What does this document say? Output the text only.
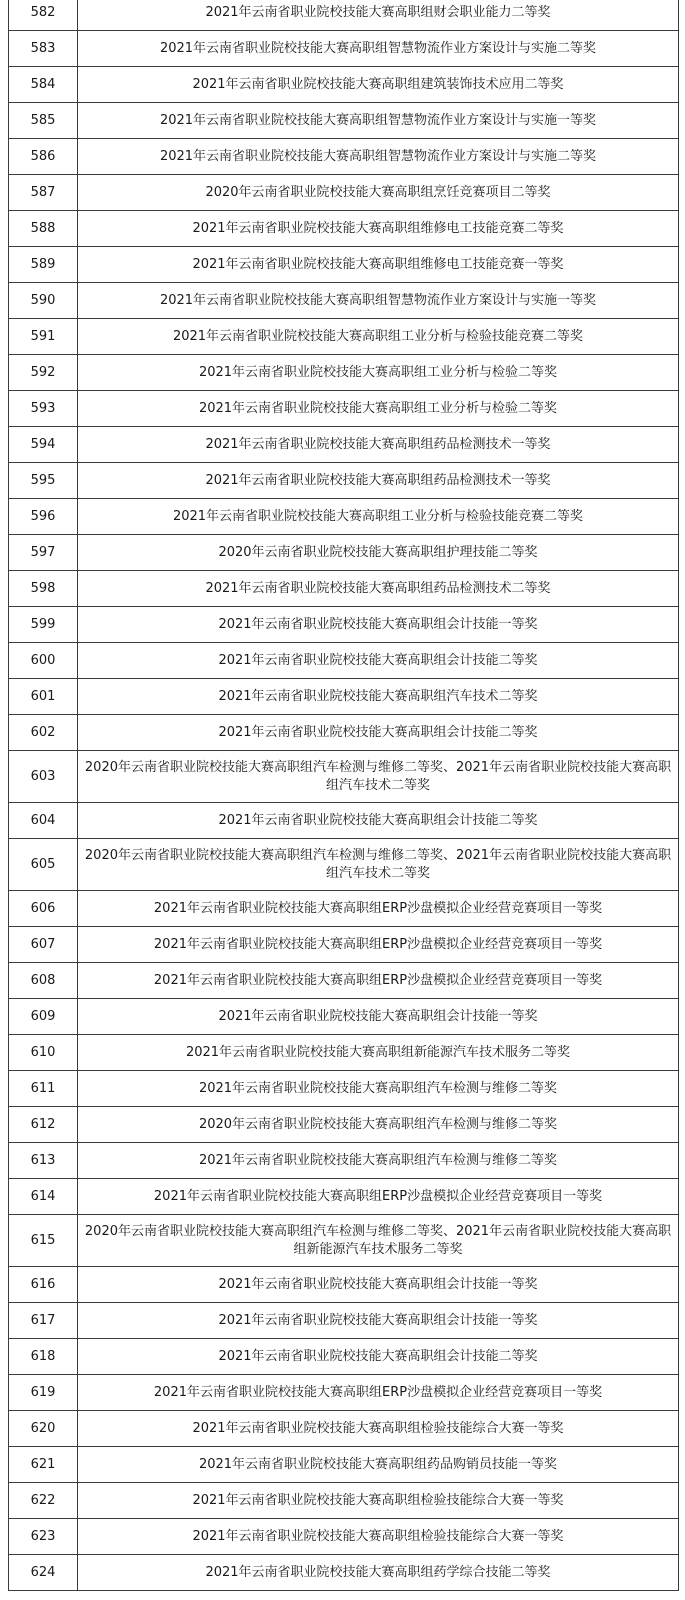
582	2021年云南省职业院校技能大赛高职组财会职业能力二等奖
583	2021年云南省职业院校技能大赛高职组智慧物流作业方案设计与实施二等奖
584	2021年云南省职业院校技能大赛高职组建筑装饰技术应用二等奖
585	2021年云南省职业院校技能大赛高职组智慧物流作业方案设计与实施一等奖
586	2021年云南省职业院校技能大赛高职组智慧物流作业方案设计与实施二等奖
587	2020年云南省职业院校技能大赛高职组烹饪竞赛项目二等奖
588	2021年云南省职业院校技能大赛高职组维修电工技能竞赛二等奖
589	2021年云南省职业院校技能大赛高职组维修电工技能竞赛一等奖
590	2021年云南省职业院校技能大赛高职组智慧物流作业方案设计与实施一等奖
591	2021年云南省职业院校技能大赛高职组工业分析与检验技能竞赛二等奖
592	2021年云南省职业院校技能大赛高职组工业分析与检验二等奖
593	2021年云南省职业院校技能大赛高职组工业分析与检验二等奖
594	2021年云南省职业院校技能大赛高职组药品检测技术一等奖
595	2021年云南省职业院校技能大赛高职组药品检测技术一等奖
596	2021年云南省职业院校技能大赛高职组工业分析与检验技能竞赛二等奖
597	2020年云南省职业院校技能大赛高职组护理技能二等奖
598	2021年云南省职业院校技能大赛高职组药品检测技术二等奖
599	2021年云南省职业院校技能大赛高职组会计技能一等奖
600	2021年云南省职业院校技能大赛高职组会计技能二等奖
601	2021年云南省职业院校技能大赛高职组汽车技术二等奖
602	2021年云南省职业院校技能大赛高职组会计技能二等奖
603	2020年云南省职业院校技能大赛高职组汽车检测与维修二等奖、2021年云南省职业院校技能大赛高职组汽车技术二等奖
604	2021年云南省职业院校技能大赛高职组会计技能二等奖
605	2020年云南省职业院校技能大赛高职组汽车检测与维修二等奖、2021年云南省职业院校技能大赛高职组汽车技术二等奖
606	2021年云南省职业院校技能大赛高职组ERP沙盘模拟企业经营竞赛项目一等奖
607	2021年云南省职业院校技能大赛高职组ERP沙盘模拟企业经营竞赛项目一等奖
608	2021年云南省职业院校技能大赛高职组ERP沙盘模拟企业经营竞赛项目一等奖
609	2021年云南省职业院校技能大赛高职组会计技能一等奖
610	2021年云南省职业院校技能大赛高职组新能源汽车技术服务二等奖
611	2021年云南省职业院校技能大赛高职组汽车检测与维修二等奖
612	2020年云南省职业院校技能大赛高职组汽车检测与维修二等奖
613	2021年云南省职业院校技能大赛高职组汽车检测与维修二等奖
614	2021年云南省职业院校技能大赛高职组ERP沙盘模拟企业经营竞赛项目一等奖
615	2020年云南省职业院校技能大赛高职组汽车检测与维修二等奖、2021年云南省职业院校技能大赛高职组新能源汽车技术服务二等奖
616	2021年云南省职业院校技能大赛高职组会计技能一等奖
617	2021年云南省职业院校技能大赛高职组会计技能一等奖
618	2021年云南省职业院校技能大赛高职组会计技能二等奖
619	2021年云南省职业院校技能大赛高职组ERP沙盘模拟企业经营竞赛项目一等奖
620	2021年云南省职业院校技能大赛高职组检验技能综合大赛一等奖
621	2021年云南省职业院校技能大赛高职组药品购销员技能一等奖
622	2021年云南省职业院校技能大赛高职组检验技能综合大赛一等奖
623	2021年云南省职业院校技能大赛高职组检验技能综合大赛一等奖
624	2021年云南省职业院校技能大赛高职组药学综合技能二等奖
